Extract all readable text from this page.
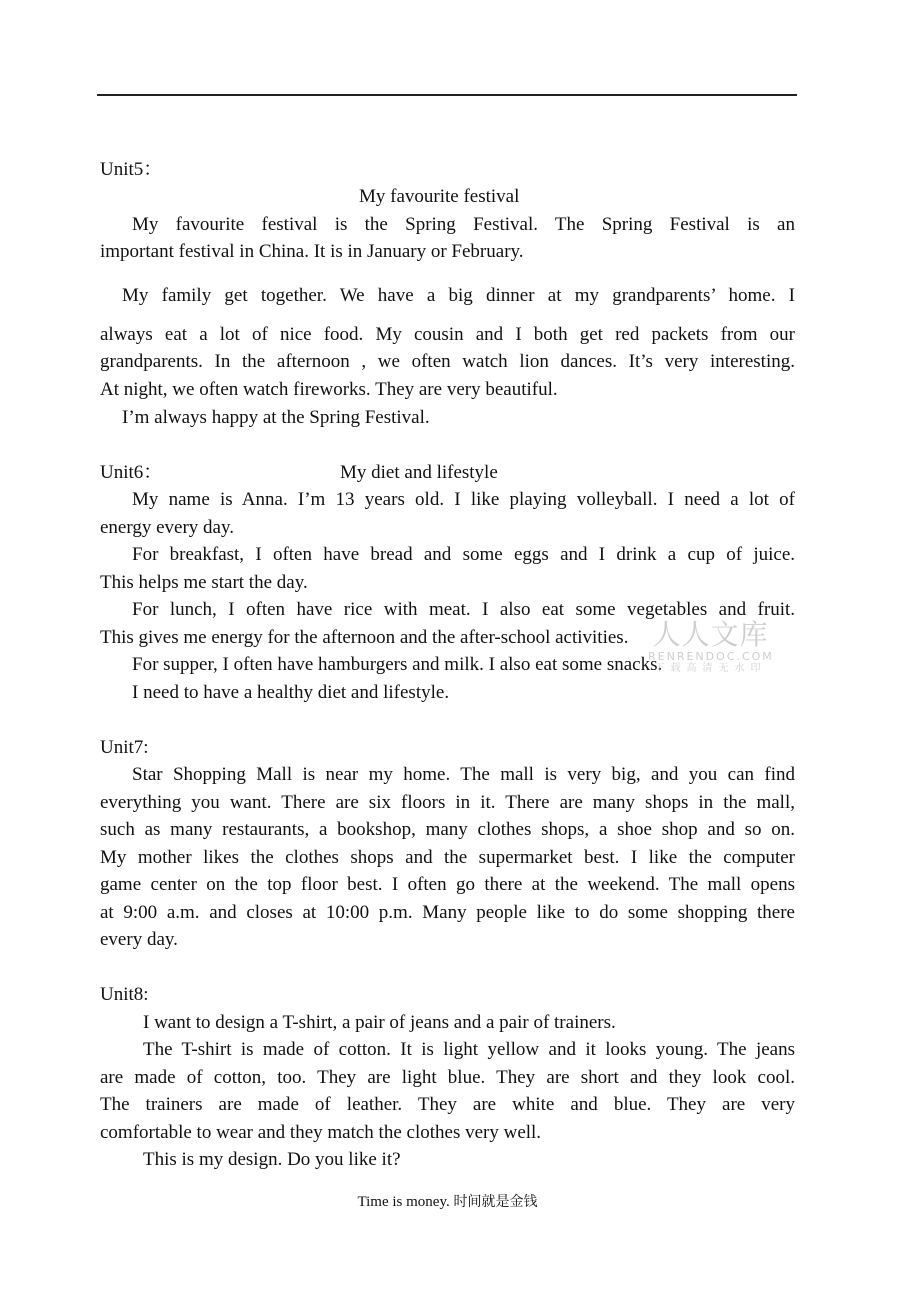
Unit5：
My favourite festival
My favourite festival is the Spring Festival. The Spring Festival is an
important festival in China. It is in January or February.
My family get together. We have a big dinner at my grandparents’ home. I
always eat a lot of nice food. My cousin and I both get red packets from our
grandparents. In the afternoon , we often watch lion dances. It’s very interesting.
At night, we often watch fireworks. They are very beautiful.
I’m always happy at the Spring Festival.
Unit6：	My diet and lifestyle
My name is Anna. I’m 13 years old. I like playing volleyball. I need a lot of
energy every day.
For breakfast, I often have bread and some eggs and I drink a cup of juice.
This helps me start the day.
For lunch, I often have rice with meat. I also eat some vegetables and fruit.
This gives me energy for the afternoon and the after-school activities.
For supper, I often have hamburgers and milk. I also eat some snacks.
I need to have a healthy diet and lifestyle.
Unit7:
Star Shopping Mall is near my home. The mall is very big, and you can find
everything you want. There are six floors in it. There are many shops in the mall,
such as many restaurants, a bookshop, many clothes shops, a shoe shop and so on.
My mother likes the clothes shops and the supermarket best. I like the computer
game center on the top floor best. I often go there at the weekend. The mall opens
at 9:00 a.m. and closes at 10:00 p.m. Many people like to do some shopping there
every day.
Unit8:
I want to design a T-shirt, a pair of jeans and a pair of trainers.
The T-shirt is made of cotton. It is light yellow and it looks young. The jeans
are made of cotton, too. They are light blue. They are short and they look cool.
The trainers are made of leather. They are white and blue. They are very
comfortable to wear and they match the clothes very well.
This is my design. Do you like it?
Time is money. 时间就是金钱
人人文库
RENRENDOC.COM
下载高清无水印
